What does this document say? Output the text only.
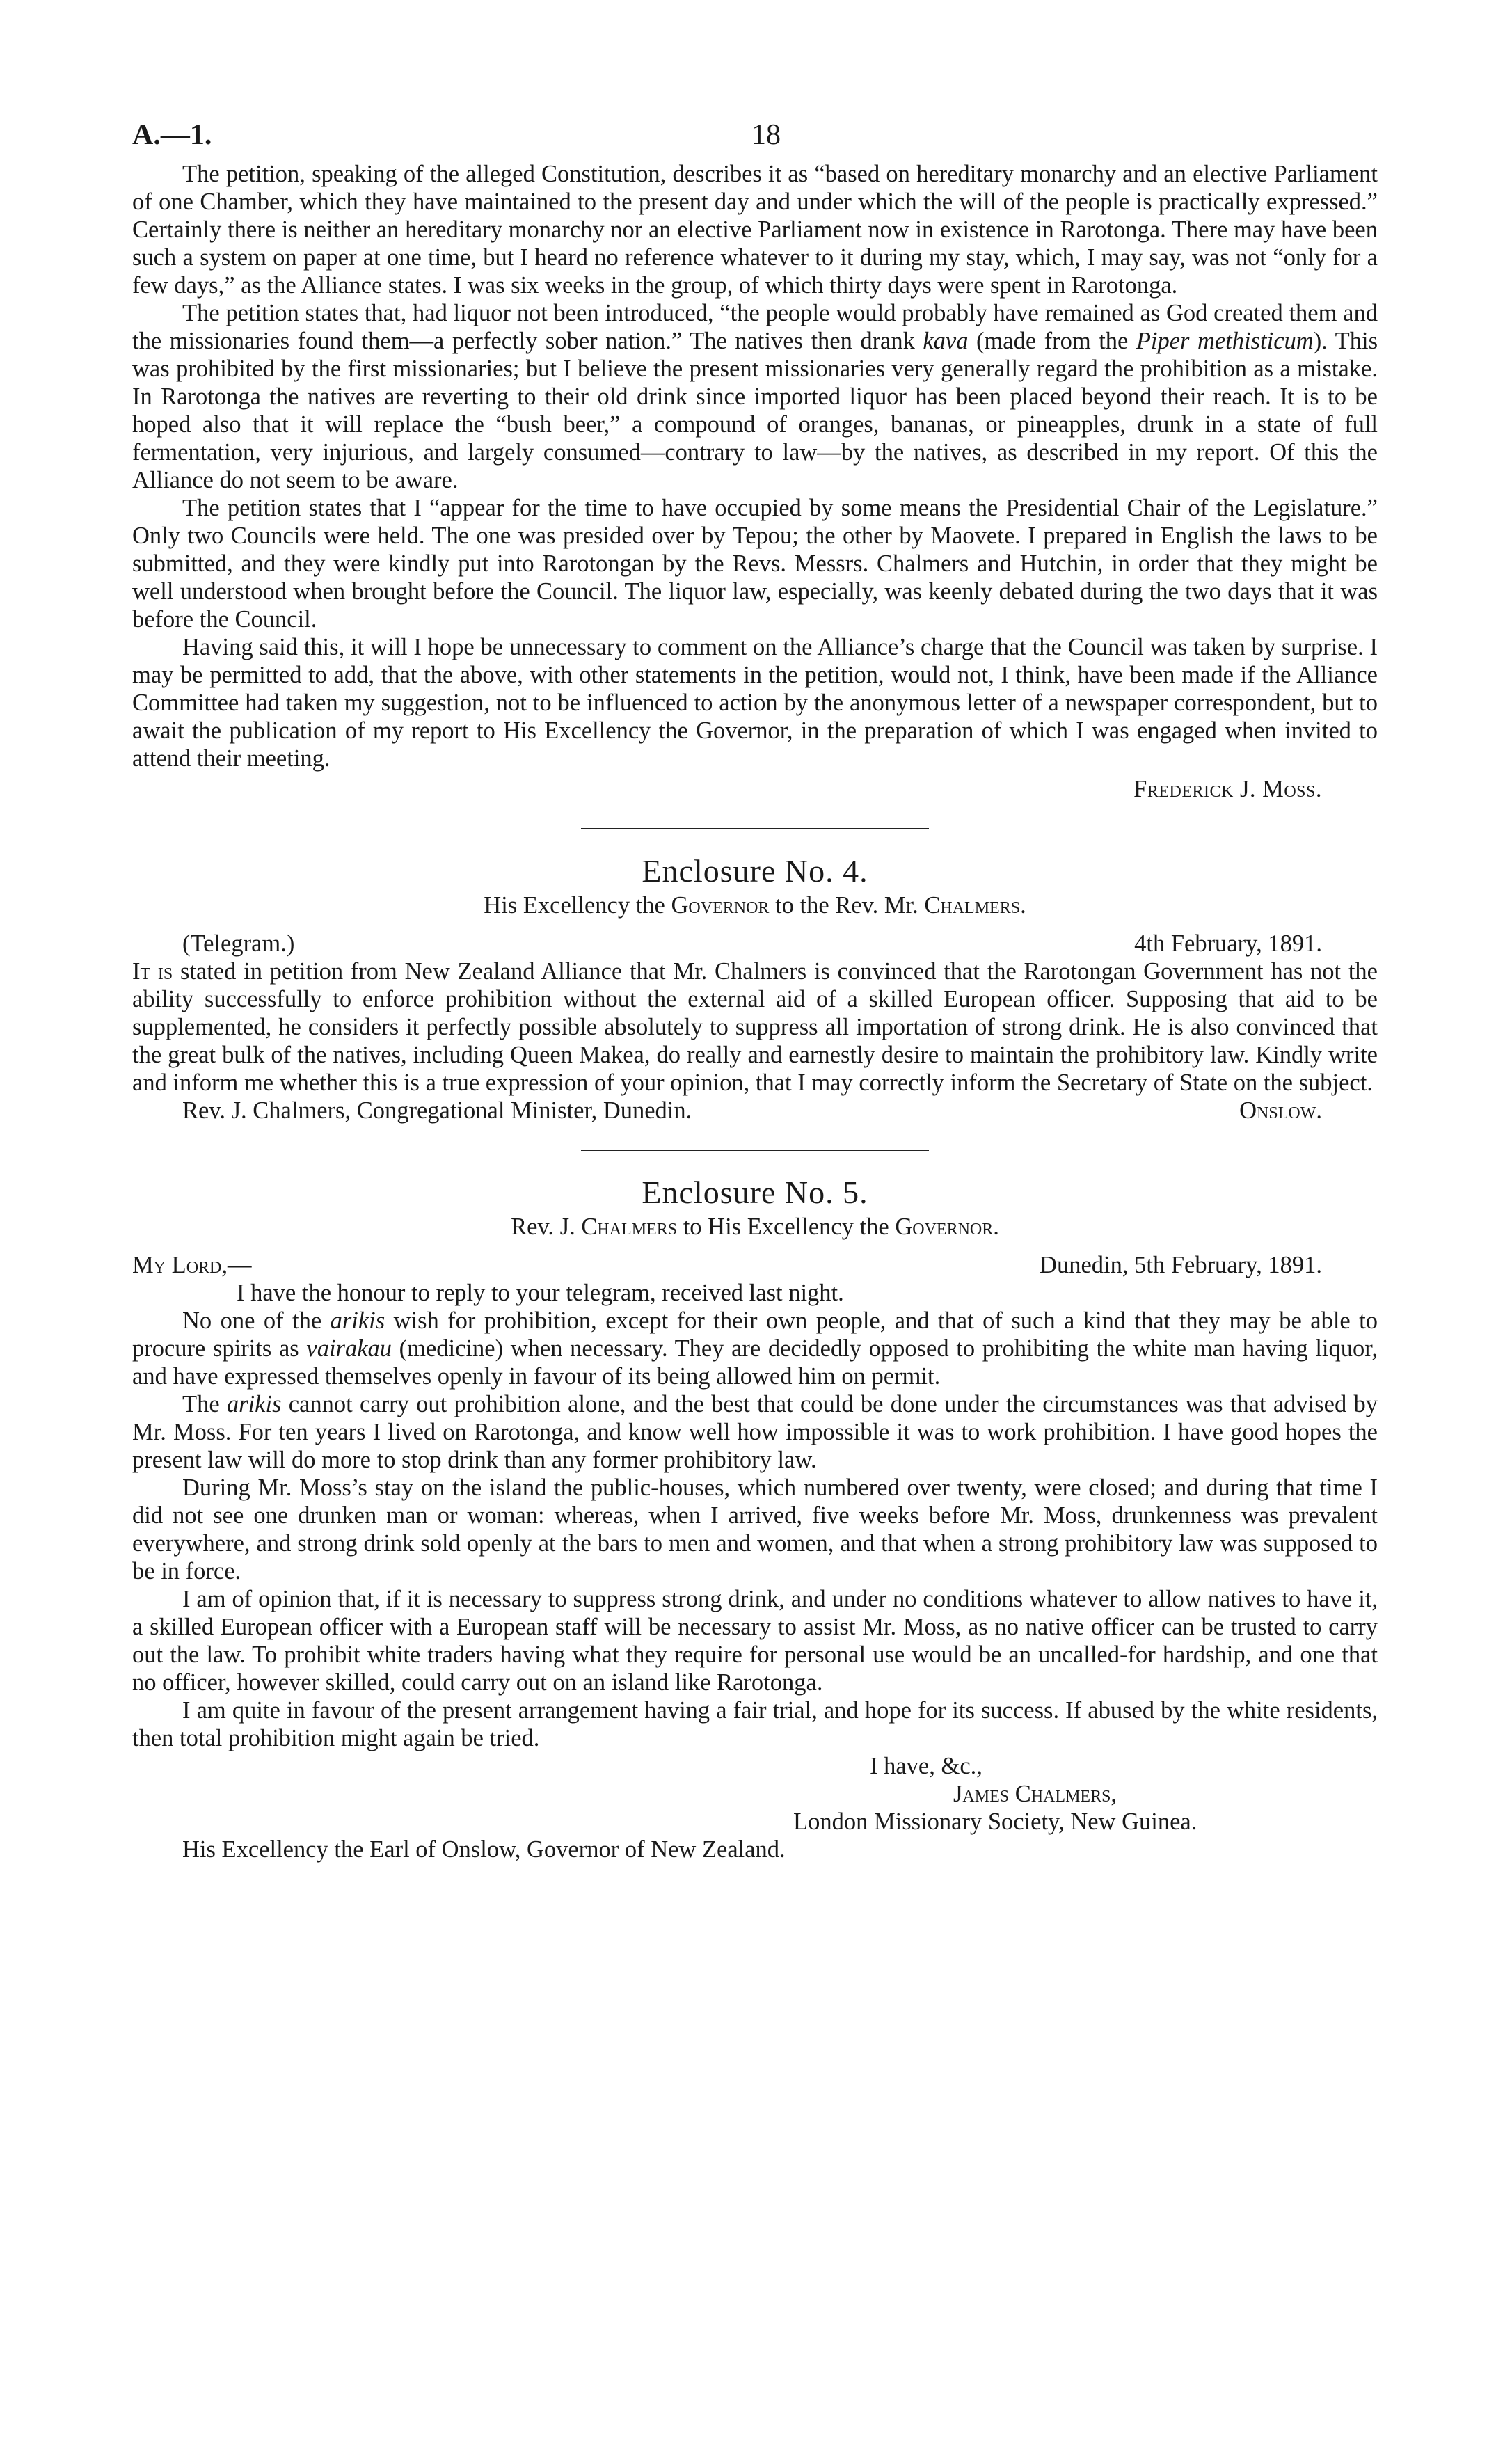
A.—1.	18

The petition, speaking of the alleged Constitution, describes it as “based on hereditary monarchy and an elective Parliament of one Chamber, which they have maintained to the present day and under which the will of the people is practically expressed.” Certainly there is neither an hereditary monarchy nor an elective Parliament now in existence in Rarotonga. There may have been such a system on paper at one time, but I heard no reference whatever to it during my stay, which, I may say, was not “only for a few days,” as the Alliance states. I was six weeks in the group, of which thirty days were spent in Rarotonga.

The petition states that, had liquor not been introduced, “the people would probably have remained as God created them and the missionaries found them—a perfectly sober nation.” The natives then drank kava (made from the Piper methisticum). This was prohibited by the first missionaries; but I believe the present missionaries very generally regard the prohibition as a mistake. In Rarotonga the natives are reverting to their old drink since imported liquor has been placed beyond their reach. It is to be hoped also that it will replace the “bush beer,” a compound of oranges, bananas, or pineapples, drunk in a state of full fermentation, very injurious, and largely consumed—contrary to law—by the natives, as described in my report. Of this the Alliance do not seem to be aware.

The petition states that I “appear for the time to have occupied by some means the Presidential Chair of the Legislature.” Only two Councils were held. The one was presided over by Tepou; the other by Maovete. I prepared in English the laws to be submitted, and they were kindly put into Rarotongan by the Revs. Messrs. Chalmers and Hutchin, in order that they might be well understood when brought before the Council. The liquor law, especially, was keenly debated during the two days that it was before the Council.

Having said this, it will I hope be unnecessary to comment on the Alliance’s charge that the Council was taken by surprise. I may be permitted to add, that the above, with other statements in the petition, would not, I think, have been made if the Alliance Committee had taken my suggestion, not to be influenced to action by the anonymous letter of a newspaper correspondent, but to await the publication of my report to His Excellency the Governor, in the preparation of which I was engaged when invited to attend their meeting.

Frederick J. Moss.
Enclosure No. 4.
His Excellency the Governor to the Rev. Mr. Chalmers.
(Telegram.)	4th February, 1891.

It is stated in petition from New Zealand Alliance that Mr. Chalmers is convinced that the Rarotongan Government has not the ability successfully to enforce prohibition without the external aid of a skilled European officer. Supposing that aid to be supplemented, he considers it perfectly possible absolutely to suppress all importation of strong drink. He is also convinced that the great bulk of the natives, including Queen Makea, do really and earnestly desire to maintain the prohibitory law. Kindly write and inform me whether this is a true expression of your opinion, that I may correctly inform the Secretary of State on the subject.

Rev. J. Chalmers, Congregational Minister, Dunedin.	Onslow.
Enclosure No. 5.
Rev. J. Chalmers to His Excellency the Governor.
My Lord,—	Dunedin, 5th February, 1891.

I have the honour to reply to your telegram, received last night.

No one of the arikis wish for prohibition, except for their own people, and that of such a kind that they may be able to procure spirits as vairakau (medicine) when necessary. They are decidedly opposed to prohibiting the white man having liquor, and have expressed themselves openly in favour of its being allowed him on permit.

The arikis cannot carry out prohibition alone, and the best that could be done under the circumstances was that advised by Mr. Moss. For ten years I lived on Rarotonga, and know well how impossible it was to work prohibition. I have good hopes the present law will do more to stop drink than any former prohibitory law.

During Mr. Moss’s stay on the island the public-houses, which numbered over twenty, were closed; and during that time I did not see one drunken man or woman: whereas, when I arrived, five weeks before Mr. Moss, drunkenness was prevalent everywhere, and strong drink sold openly at the bars to men and women, and that when a strong prohibitory law was supposed to be in force.

I am of opinion that, if it is necessary to suppress strong drink, and under no conditions whatever to allow natives to have it, a skilled European officer with a European staff will be necessary to assist Mr. Moss, as no native officer can be trusted to carry out the law. To prohibit white traders having what they require for personal use would be an uncalled-for hardship, and one that no officer, however skilled, could carry out on an island like Rarotonga.

I am quite in favour of the present arrangement having a fair trial, and hope for its success. If abused by the white residents, then total prohibition might again be tried.

I have, &c.,
James Chalmers,
London Missionary Society, New Guinea.
His Excellency the Earl of Onslow, Governor of New Zealand.
